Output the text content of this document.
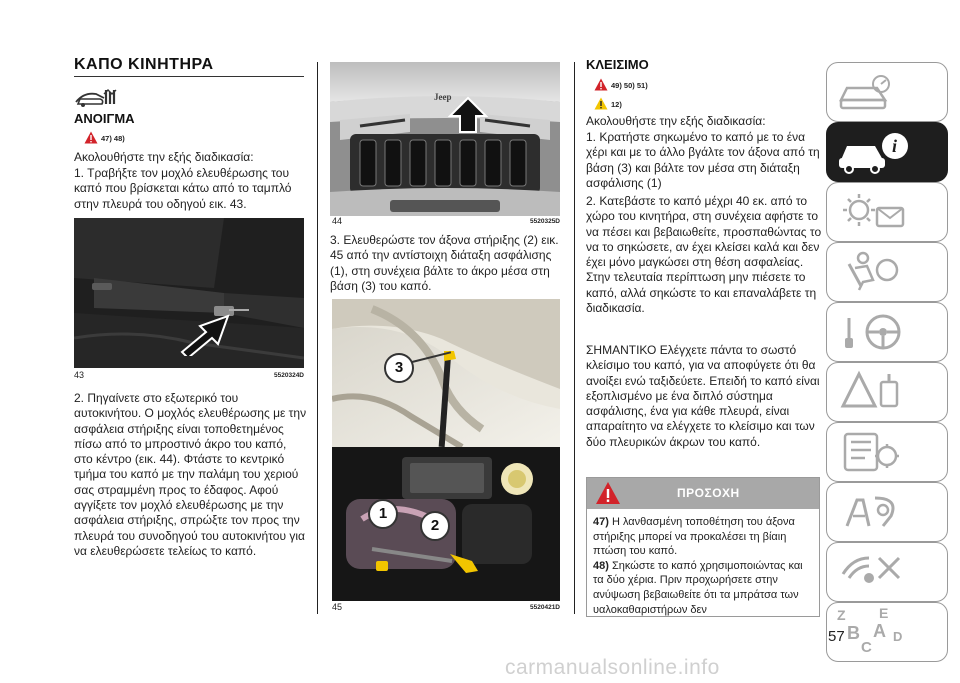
ΚΑΠΟ ΚΙΝΗΤΗΡΑ
ΑΝΟΙΓΜΑ
47) 48)

Ακολουθήστε την εξής διαδικασία:

1. Τραβήξτε τον μοχλό ελευθέρωσης του καπό που βρίσκεται κάτω από το ταμπλό στην πλευρά του οδηγού εικ. 43.

43	5520324D

2. Πηγαίνετε στο εξωτερικό του αυτοκινήτου. Ο μοχλός ελευθέρωσης με την ασφάλεια στήριξης είναι τοποθετημένος πίσω από το μπροστινό άκρο του καπό, στο κέντρο (εικ. 44). Φτάστε το κεντρικό τμήμα του καπό με την παλάμη του χεριού σας στραμμένη προς το έδαφος. Αφού αγγίξετε τον μοχλό ελευθέρωσης με την ασφάλεια στήριξης, σπρώξτε τον προς την πλευρά του συνοδηγού του αυτοκινήτου για να ελευθερώσετε τελείως το καπό.

Jeep
44	5520325D

3. Ελευθερώστε τον άξονα στήριξης (2) εικ. 45 από την αντίστοιχη διάταξη ασφάλισης (1), στη συνέχεια βάλτε το άκρο μέσα στη βάση (3) του καπό.

3
1
2
45	5520421D
ΚΛΕΙΣΙΜΟ
49) 50) 51)
12)

Ακολουθήστε την εξής διαδικασία:

1. Κρατήστε σηκωμένο το καπό με το ένα χέρι και με το άλλο βγάλτε τον άξονα από τη βάση (3) και βάλτε τον μέσα στη διάταξη ασφάλισης (1)

2. Κατεβάστε το καπό μέχρι 40 εκ. από το χώρο του κινητήρα, στη συνέχεια αφήστε το να πέσει και βεβαιωθείτε, προσπαθώντας το να το σηκώσετε, αν έχει κλείσει καλά και δεν έχει μόνο μαγκώσει στη θέση ασφαλείας. Στην τελευταία περίπτωση μην πιέσετε το καπό, αλλά σηκώστε το και επαναλάβετε τη διαδικασία.

ΣΗΜΑΝΤΙΚΟ Ελέγχετε πάντα το σωστό κλείσιμο του καπό, για να αποφύγετε ότι θα ανοίξει ενώ ταξιδεύετε. Επειδή το καπό είναι εξοπλισμένο με ένα διπλό σύστημα ασφάλισης, ένα για κάθε πλευρά, είναι απαραίτητο να ελέγχετε το κλείσιμο και των δύο πλευρικών άκρων του καπό.

ΠΡΟΣΟΧΗ
47) Η λανθασμένη τοποθέτηση του άξονα στήριξης μπορεί να προκαλέσει τη βίαιη πτώση του καπό.
48) Σηκώστε το καπό χρησιμοποιώντας και τα δύο χέρια. Πριν προχωρήσετε στην ανύψωση βεβαιωθείτε ότι τα μπράτσα των υαλοκαθαριστήρων δεν
i
Z E
B A D
C
57
carmanualsonline.info
